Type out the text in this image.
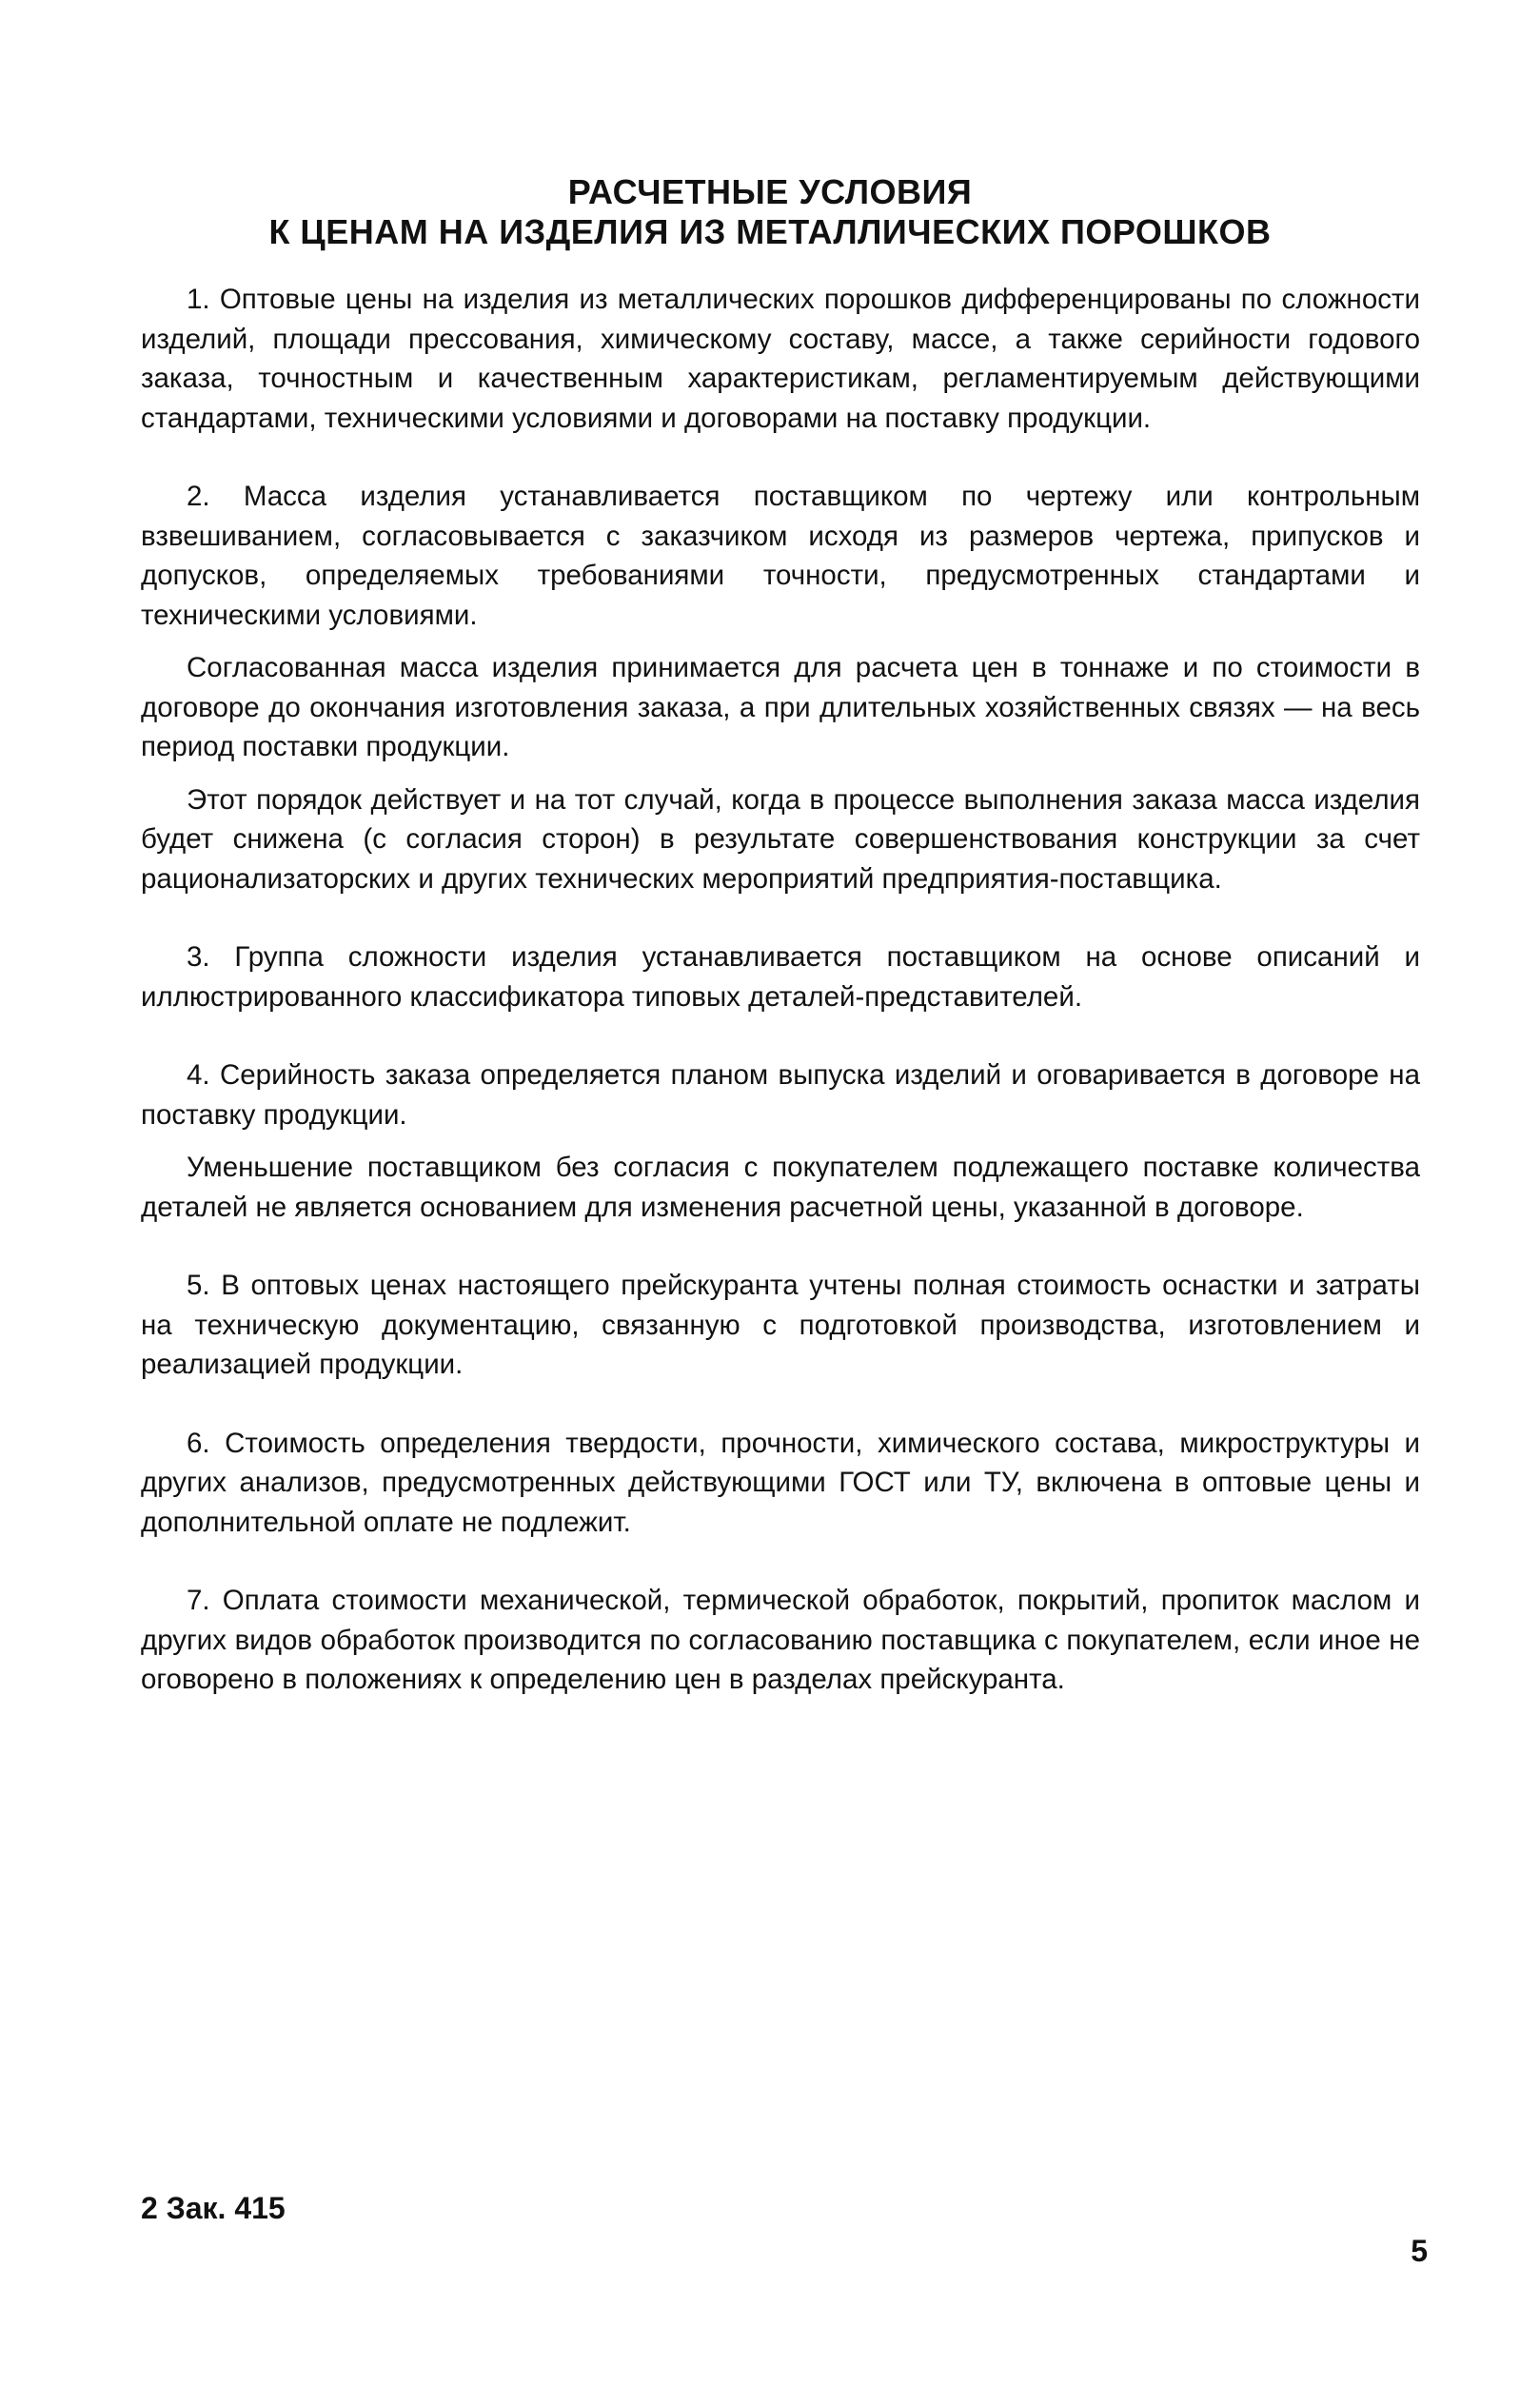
РАСЧЕТНЫЕ УСЛОВИЯ
К ЦЕНАМ НА ИЗДЕЛИЯ ИЗ МЕТАЛЛИЧЕСКИХ ПОРОШКОВ

1. Оптовые цены на изделия из металлических порошков дифференцированы по сложности изделий, площади прессования, химическому составу, массе, а также серийности годового заказа, точностным и качественным характеристикам, регламентируемым действующими стандартами, техническими условиями и договорами на поставку продукции.

2. Масса изделия устанавливается поставщиком по чертежу или контрольным взвешиванием, согласовывается с заказчиком исходя из размеров чертежа, припусков и допусков, определяемых требованиями точности, предусмотренных стандартами и техническими условиями.

Согласованная масса изделия принимается для расчета цен в тоннаже и по стоимости в договоре до окончания изготовления заказа, а при длительных хозяйственных связях — на весь период поставки продукции.

Этот порядок действует и на тот случай, когда в процессе выполнения заказа масса изделия будет снижена (с согласия сторон) в результате совершенствования конструкции за счет рационализаторских и других технических мероприятий предприятия-поставщика.

3. Группа сложности изделия устанавливается поставщиком на основе описаний и иллюстрированного классификатора типовых деталей-представителей.

4. Серийность заказа определяется планом выпуска изделий и оговаривается в договоре на поставку продукции.

Уменьшение поставщиком без согласия с покупателем подлежащего поставке количества деталей не является основанием для изменения расчетной цены, указанной в договоре.

5. В оптовых ценах настоящего прейскуранта учтены полная стоимость оснастки и затраты на техническую документацию, связанную с подготовкой производства, изготовлением и реализацией продукции.

6. Стоимость определения твердости, прочности, химического состава, микроструктуры и других анализов, предусмотренных действующими ГОСТ или ТУ, включена в оптовые цены и дополнительной оплате не подлежит.

7. Оплата стоимости механической, термической обработок, покрытий, пропиток маслом и других видов обработок производится по согласованию поставщика с покупателем, если иное не оговорено в положениях к определению цен в разделах прейскуранта.

2 Зак. 415
5
